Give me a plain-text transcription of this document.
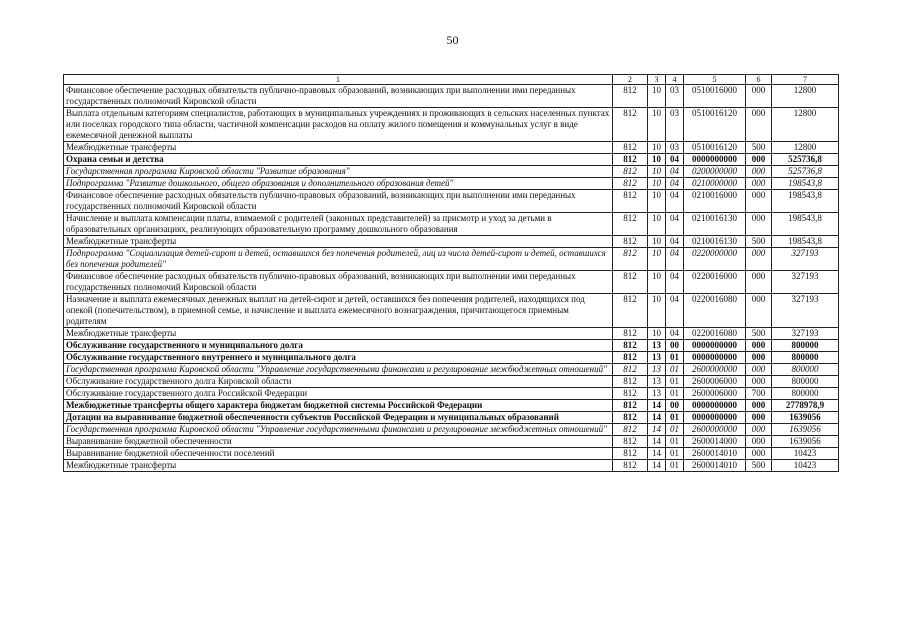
50
1	2	3	4	5	6	7
Финансовое обеспечение расходных обязательств публично-правовых образований, возникающих при выполнении ими переданных государственных полномочий Кировской области	812	10	03	0510016000	000	12800
Выплата отдельным категориям специалистов, работающих в муниципальных учреждениях и проживающих в сельских населенных пунктах или поселках городского типа области, частичной компенсации расходов на оплату жилого помещения и коммунальных услуг в виде ежемесячной денежной выплаты	812	10	03	0510016120	000	12800
Межбюджетные трансферты	812	10	03	0510016120	500	12800
Охрана семьи и детства	812	10	04	0000000000	000	525736,8
Государственная программа Кировской области "Развитие образования"	812	10	04	0200000000	000	525736,8
Подпрограмма "Развитие дошкольного, общего образования и дополнительного образования детей"	812	10	04	0210000000	000	198543,8
Финансовое обеспечение расходных обязательств публично-правовых образований, возникающих при выполнении ими переданных государственных полномочий Кировской области	812	10	04	0210016000	000	198543,8
Начисление и выплата компенсации платы, взимаемой с родителей (законных представителей) за присмотр и уход за детьми в образовательных организациях, реализующих образовательную программу дошкольного образования	812	10	04	0210016130	000	198543,8
Межбюджетные трансферты	812	10	04	0210016130	500	198543,8
Подпрограмма "Социализация детей-сирот и детей, оставшихся без попечения родителей, лиц из числа детей-сирот и детей, оставшихся без попечения родителей"	812	10	04	0220000000	000	327193
Финансовое обеспечение расходных обязательств публично-правовых образований, возникающих при выполнении ими переданных государственных полномочий Кировской области	812	10	04	0220016000	000	327193
Назначение и выплата ежемесячных денежных выплат на детей-сирот и детей, оставшихся без попечения родителей, находящихся под опекой (попечительством), в приемной семье, и начисление и выплата ежемесячного вознаграждения, причитающегося приемным родителям	812	10	04	0220016080	000	327193
Межбюджетные трансферты	812	10	04	0220016080	500	327193
Обслуживание государственного и муниципального долга	812	13	00	0000000000	000	800000
Обслуживание государственного внутреннего и муниципального долга	812	13	01	0000000000	000	800000
Государственная программа Кировской области "Управление государственными финансами и регулирование межбюджетных отношений"	812	13	01	2600000000	000	800000
Обслуживание государственного долга Кировской области	812	13	01	2600006000	000	800000
Обслуживание государственного долга Российской Федерации	812	13	01	2600006000	700	800000
Межбюджетные трансферты общего характера бюджетам бюджетной системы Российской Федерации	812	14	00	0000000000	000	2778978,9
Дотации на выравнивание бюджетной обеспеченности субъектов Российской Федерации и муниципальных образований	812	14	01	0000000000	000	1639056
Государственная программа Кировской области "Управление государственными финансами и регулирование межбюджетных отношений"	812	14	01	2600000000	000	1639056
Выравнивание бюджетной обеспеченности	812	14	01	2600014000	000	1639056
Выравнивание бюджетной обеспеченности поселений	812	14	01	2600014010	000	10423
Межбюджетные трансферты	812	14	01	2600014010	500	10423
